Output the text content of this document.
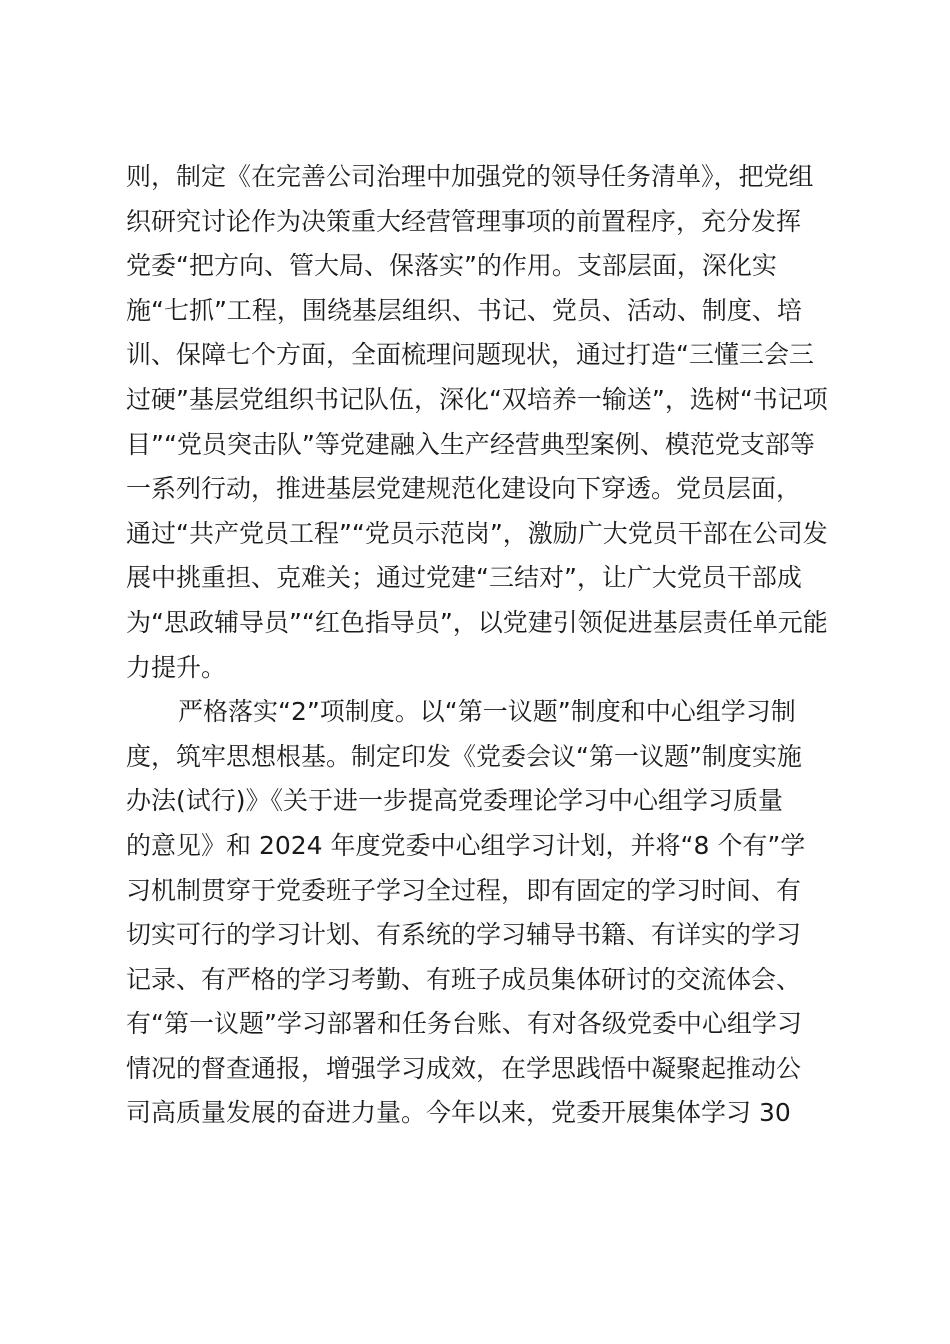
则，制定《在完善公司治理中加强党的领导任务清单》，把党组
织研究讨论作为决策重大经营管理事项的前置程序，充分发挥
党委“把方向、管大局、保落实”的作用。支部层面，深化实
施“七抓”工程，围绕基层组织、书记、党员、活动、制度、培
训、保障七个方面，全面梳理问题现状，通过打造“三懂三会三
过硬”基层党组织书记队伍，深化“双培养一输送”，选树“书记项
目”“党员突击队”等党建融入生产经营典型案例、模范党支部等
一系列行动，推进基层党建规范化建设向下穿透。党员层面，
通过“共产党员工程”“党员示范岗”，激励广大党员干部在公司发
展中挑重担、克难关；通过党建“三结对”，让广大党员干部成
为“思政辅导员”“红色指导员”，以党建引领促进基层责任单元能
力提升。
严格落实“2”项制度。以“第一议题”制度和中心组学习制
度，筑牢思想根基。制定印发《党委会议“第一议题”制度实施
办法(试行)》《关于进一步提高党委理论学习中心组学习质量
的意见》和 2024 年度党委中心组学习计划，并将“8 个有”学
习机制贯穿于党委班子学习全过程，即有固定的学习时间、有
切实可行的学习计划、有系统的学习辅导书籍、有详实的学习
记录、有严格的学习考勤、有班子成员集体研讨的交流体会、
有“第一议题”学习部署和任务台账、有对各级党委中心组学习
情况的督查通报，增强学习成效，在学思践悟中凝聚起推动公
司高质量发展的奋进力量。今年以来，党委开展集体学习 30
